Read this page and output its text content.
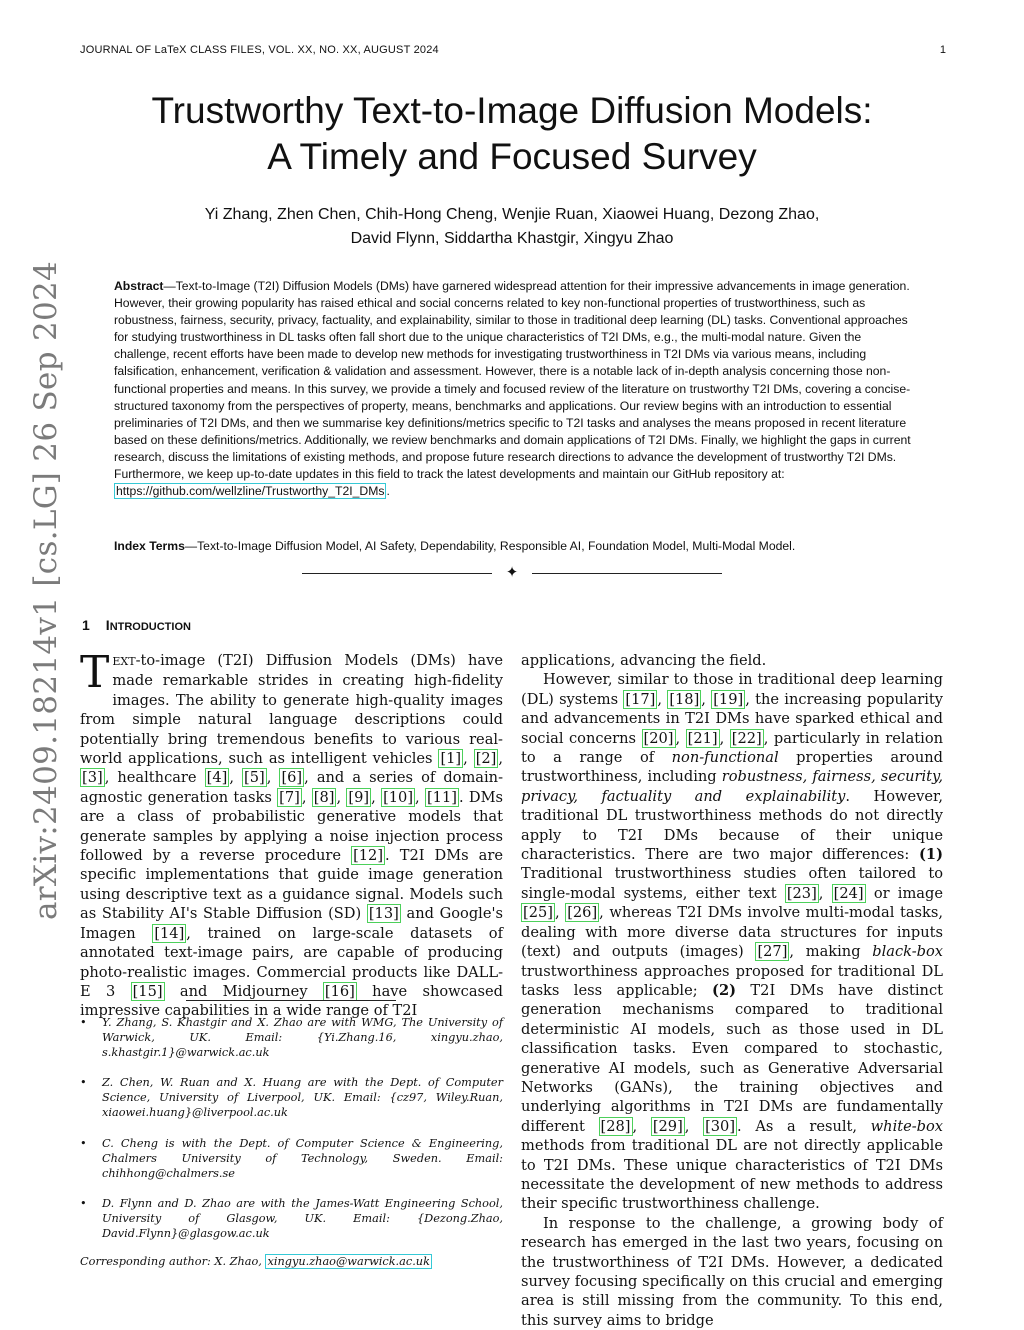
JOURNAL OF LaTeX CLASS FILES, VOL. XX, NO. XX, AUGUST 2024	1
arXiv:2409.18214v1 [cs.LG] 26 Sep 2024
Trustworthy Text-to-Image Diffusion Models:
A Timely and Focused Survey
Yi Zhang, Zhen Chen, Chih-Hong Cheng, Wenjie Ruan, Xiaowei Huang, Dezong Zhao,
David Flynn, Siddartha Khastgir, Xingyu Zhao
Abstract—Text-to-Image (T2I) Diffusion Models (DMs) have garnered widespread attention for their impressive advancements in image generation. However, their growing popularity has raised ethical and social concerns related to key non-functional properties of trustworthiness, such as robustness, fairness, security, privacy, factuality, and explainability, similar to those in traditional deep learning (DL) tasks. Conventional approaches for studying trustworthiness in DL tasks often fall short due to the unique characteristics of T2I DMs, e.g., the multi-modal nature. Given the challenge, recent efforts have been made to develop new methods for investigating trustworthiness in T2I DMs via various means, including falsification, enhancement, verification & validation and assessment. However, there is a notable lack of in-depth analysis concerning those non-functional properties and means. In this survey, we provide a timely and focused review of the literature on trustworthy T2I DMs, covering a concise-structured taxonomy from the perspectives of property, means, benchmarks and applications. Our review begins with an introduction to essential preliminaries of T2I DMs, and then we summarise key definitions/metrics specific to T2I tasks and analyses the means proposed in recent literature based on these definitions/metrics. Additionally, we review benchmarks and domain applications of T2I DMs. Finally, we highlight the gaps in current research, discuss the limitations of existing methods, and propose future research directions to advance the development of trustworthy T2I DMs. Furthermore, we keep up-to-date updates in this field to track the latest developments and maintain our GitHub repository at: https://github.com/wellzline/Trustworthy_T2I_DMs .
Index Terms—Text-to-Image Diffusion Model, AI Safety, Dependability, Responsible AI, Foundation Model, Multi-Modal Model.
✦
1 INTRODUCTION

TEXT-to-image (T2I) Diffusion Models (DMs) have made remarkable strides in creating high-fidelity images. The ability to generate high-quality images from simple natural language descriptions could potentially bring tremendous benefits to various real-world applications, such as intelligent vehicles [1] , [2] , [3] , healthcare [4] , [5] , [6] , and a series of domain-agnostic generation tasks [7] , [8] , [9] , [10] , [11] . DMs are a class of probabilistic generative models that generate samples by applying a noise injection process followed by a reverse procedure [12] . T2I DMs are specific implementations that guide image generation using descriptive text as a guidance signal. Models such as Stability AI's Stable Diffusion (SD) [13] and Google's Imagen [14] , trained on large-scale datasets of annotated text-image pairs, are capable of producing photo-realistic images. Commercial products like DALL-E 3 [15] and Midjourney [16] have showcased impressive capabilities in a wide range of T2I

• Y. Zhang, S. Khastgir and X. Zhao are with WMG, The University of Warwick, UK. Email: {Yi.Zhang.16, xingyu.zhao, s.khastgir.1}@warwick.ac.uk
• Z. Chen, W. Ruan and X. Huang are with the Dept. of Computer Science, University of Liverpool, UK. Email: {cz97, Wiley.Ruan, xiaowei.huang}@liverpool.ac.uk
• C. Cheng is with the Dept. of Computer Science & Engineering, Chalmers University of Technology, Sweden. Email: chihhong@chalmers.se
• D. Flynn and D. Zhao are with the James-Watt Engineering School, University of Glasgow, UK. Email: {Dezong.Zhao, David.Flynn}@glasgow.ac.uk
Corresponding author: X. Zhao, xingyu.zhao@warwick.ac.uk

applications, advancing the field.

However, similar to those in traditional deep learning (DL) systems [17] , [18] , [19] , the increasing popularity and advancements in T2I DMs have sparked ethical and social concerns [20] , [21] , [22] , particularly in relation to a range of non-functional properties around trustworthiness, including robustness, fairness, security, privacy, factuality and explainability. However, traditional DL trustworthiness methods do not directly apply to T2I DMs because of their unique characteristics. There are two major differences: (1) Traditional trustworthiness studies often tailored to single-modal systems, either text [23] , [24] or image [25] , [26] , whereas T2I DMs involve multi-modal tasks, dealing with more diverse data structures for inputs (text) and outputs (images) [27] , making black-box trustworthiness approaches proposed for traditional DL tasks less applicable; (2) T2I DMs have distinct generation mechanisms compared to traditional deterministic AI models, such as those used in DL classification tasks. Even compared to stochastic, generative AI models, such as Generative Adversarial Networks (GANs), the training objectives and underlying algorithms in T2I DMs are fundamentally different [28] , [29] , [30] . As a result, white-box methods from traditional DL are not directly applicable to T2I DMs. These unique characteristics of T2I DMs necessitate the development of new methods to address their specific trustworthiness challenge.

In response to the challenge, a growing body of research has emerged in the last two years, focusing on the trustworthiness of T2I DMs. However, a dedicated survey focusing specifically on this crucial and emerging area is still missing from the community. To this end, this survey aims to bridge
